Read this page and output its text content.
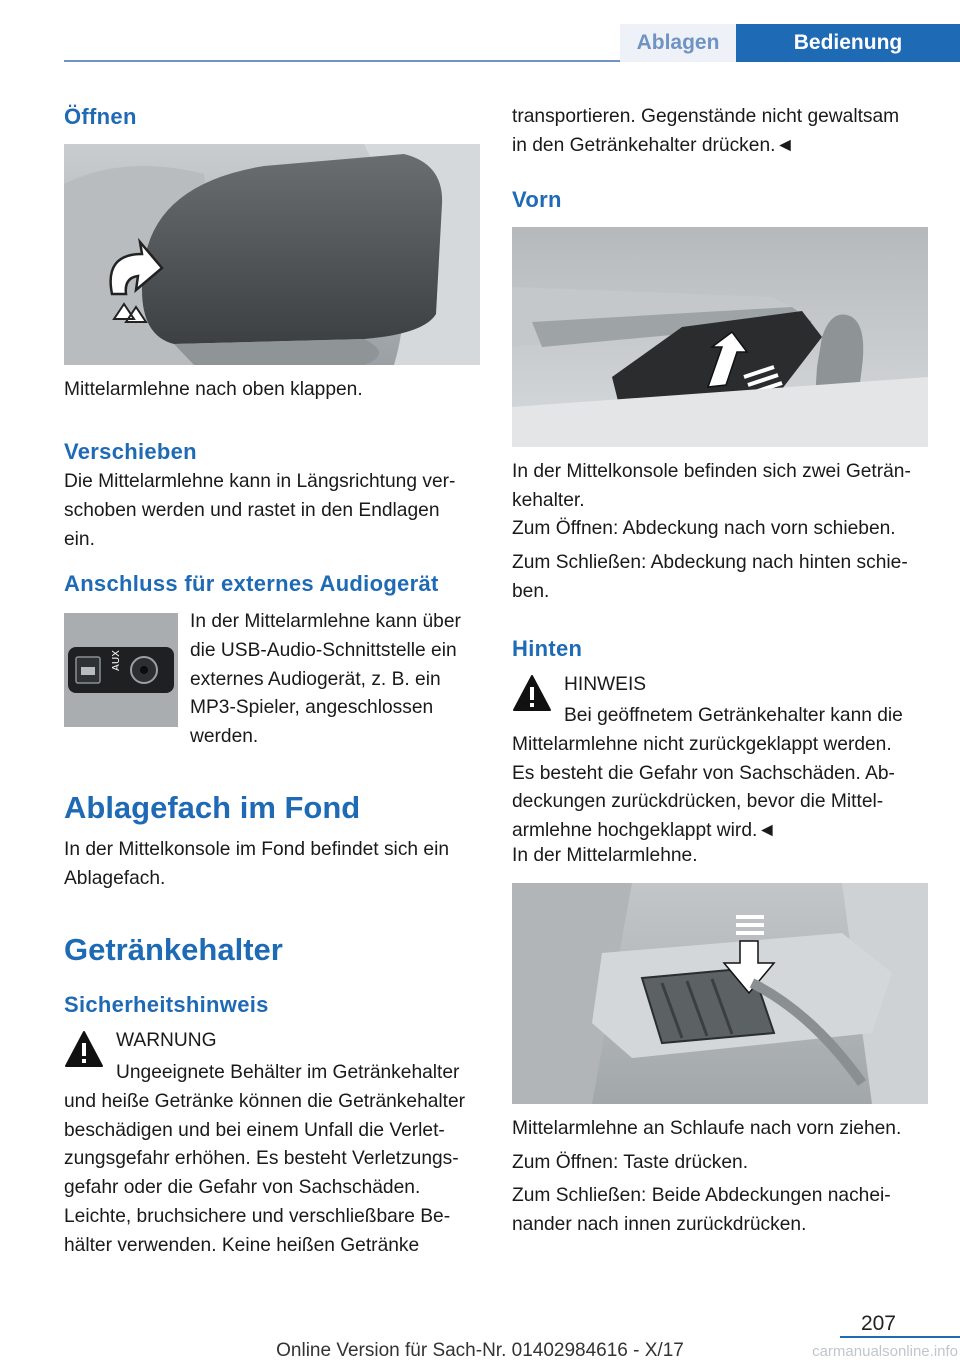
Ablagen	Bedienung
Öffnen
Mittelarmlehne nach oben klappen.
Verschieben
Die Mittelarmlehne kann in Längsrichtung ver‐
schoben werden und rastet in den Endlagen
ein.
Anschluss für externes Audiogerät
AUX
In der Mittelarmlehne kann über
die USB-Audio-Schnittstelle ein
externes Audiogerät, z. B. ein
MP3-Spieler, angeschlossen
werden.
Ablagefach im Fond
In der Mittelkonsole im Fond befindet sich ein
Ablagefach.
Getränkehalter
Sicherheitshinweis
WARNUNG
Ungeeignete Behälter im Getränkehalter
und heiße Getränke können die Getränkehalter
beschädigen und bei einem Unfall die Verlet‐
zungsgefahr erhöhen. Es besteht Verletzungs‐
gefahr oder die Gefahr von Sachschäden.
Leichte, bruchsichere und verschließbare Be‐
hälter verwenden. Keine heißen Getränke
transportieren. Gegenstände nicht gewaltsam
in den Getränkehalter drücken.◄
Vorn
In der Mittelkonsole befinden sich zwei Geträn‐
kehalter.
Zum Öffnen: Abdeckung nach vorn schieben.
Zum Schließen: Abdeckung nach hinten schie‐
ben.
Hinten
HINWEIS
Bei geöffnetem Getränkehalter kann die
Mittelarmlehne nicht zurückgeklappt werden.
Es besteht die Gefahr von Sachschäden. Ab‐
deckungen zurückdrücken, bevor die Mittel‐
armlehne hochgeklappt wird.◄
In der Mittelarmlehne.
Mittelarmlehne an Schlaufe nach vorn ziehen.
Zum Öffnen: Taste drücken.
Zum Schließen: Beide Abdeckungen nachei‐
nander nach innen zurückdrücken.
207
Online Version für Sach-Nr. 01402984616 - X/17	carmanualsonline.info
